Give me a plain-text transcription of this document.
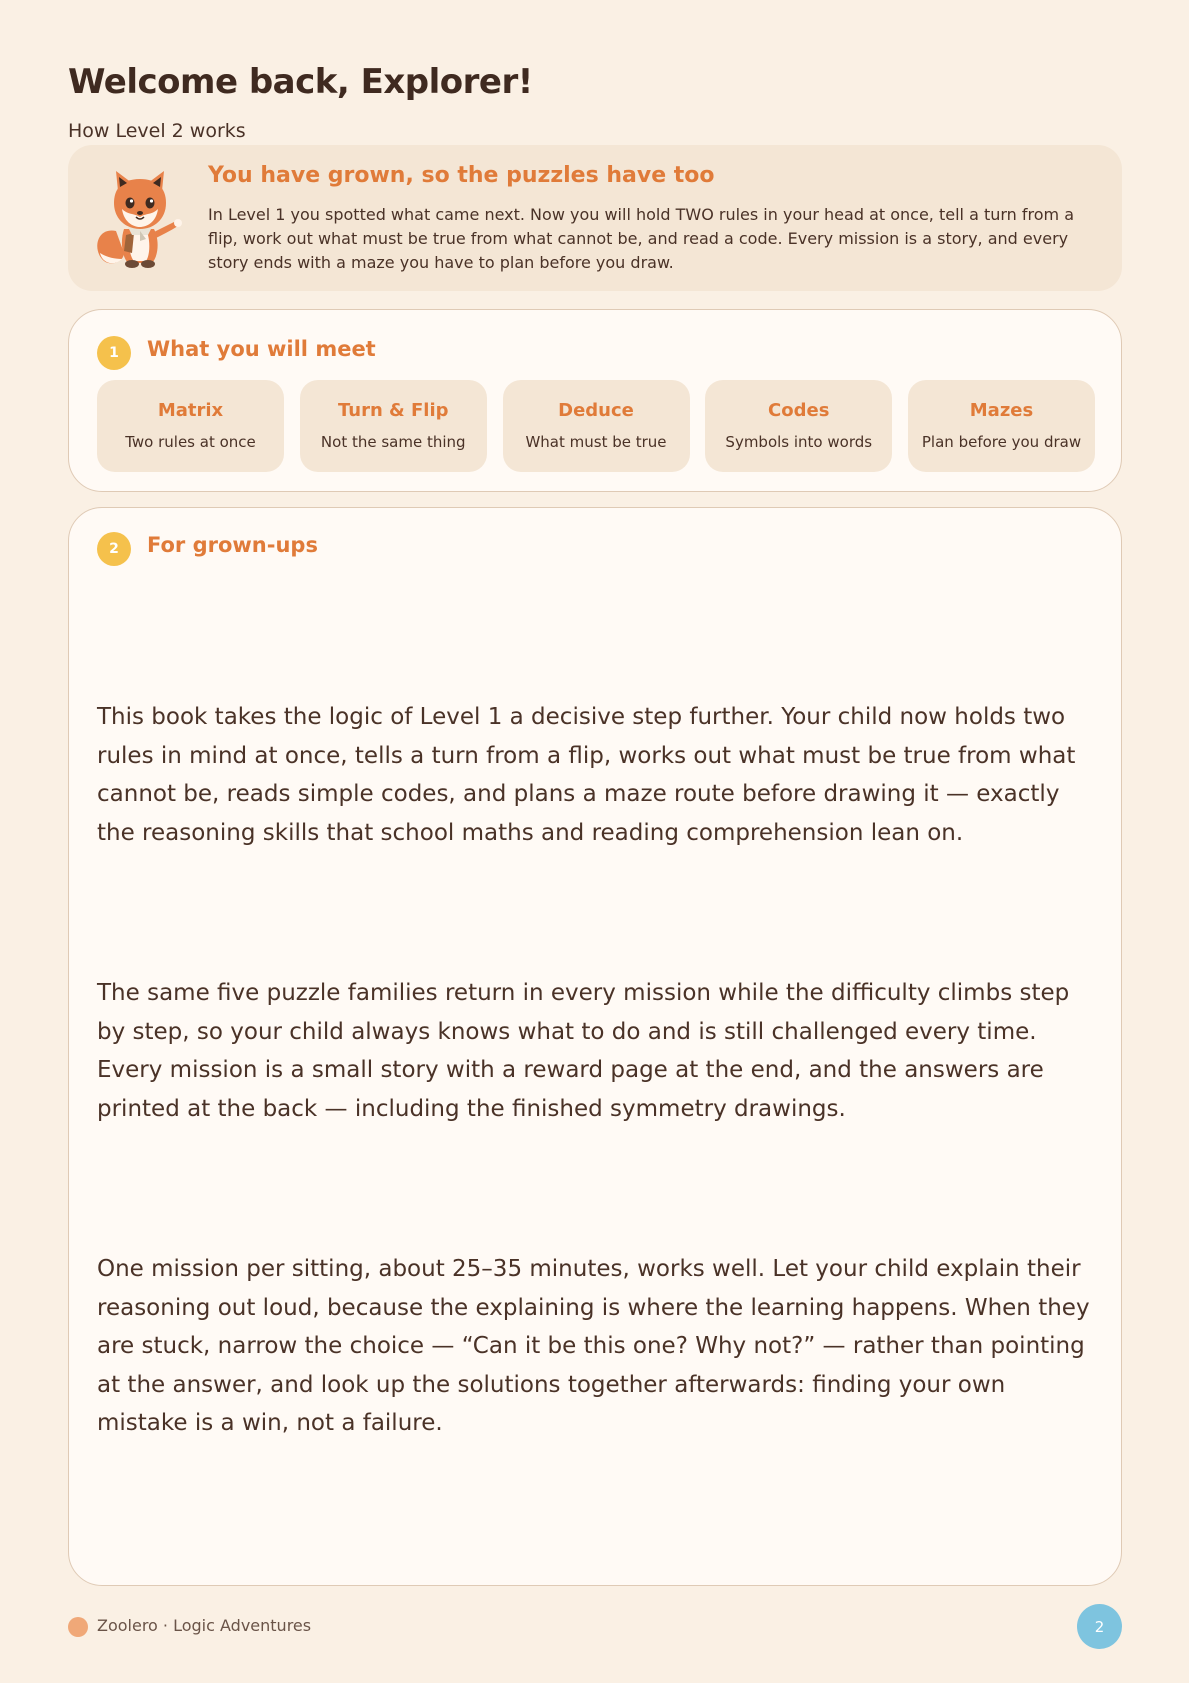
Welcome back, Explorer!
How Level 2 works
You have grown, so the puzzles have too
In Level 1 you spotted what came next. Now you will hold TWO rules in your head at once, tell a turn from a flip, work out what must be true from what cannot be, and read a code. Every mission is a story, and every story ends with a maze you have to plan before you draw.
1	What you will meet
Matrix
Two rules at once
Turn & Flip
Not the same thing
Deduce
What must be true
Codes
Symbols into words
Mazes
Plan before you draw
2	For grown-ups

This book takes the logic of Level 1 a decisive step further. Your child now holds two rules in mind at once, tells a turn from a flip, works out what must be true from what cannot be, reads simple codes, and plans a maze route before drawing it — exactly the reasoning skills that school maths and reading comprehension lean on.

The same five puzzle families return in every mission while the difficulty climbs step by step, so your child always knows what to do and is still challenged every time. Every mission is a small story with a reward page at the end, and the answers are printed at the back — including the finished symmetry drawings.

One mission per sitting, about 25–35 minutes, works well. Let your child explain their reasoning out loud, because the explaining is where the learning happens. When they are stuck, narrow the choice — “Can it be this one? Why not?” — rather than pointing at the answer, and look up the solutions together afterwards: finding your own mistake is a win, not a failure.

Zoolero · Logic Adventures	2
